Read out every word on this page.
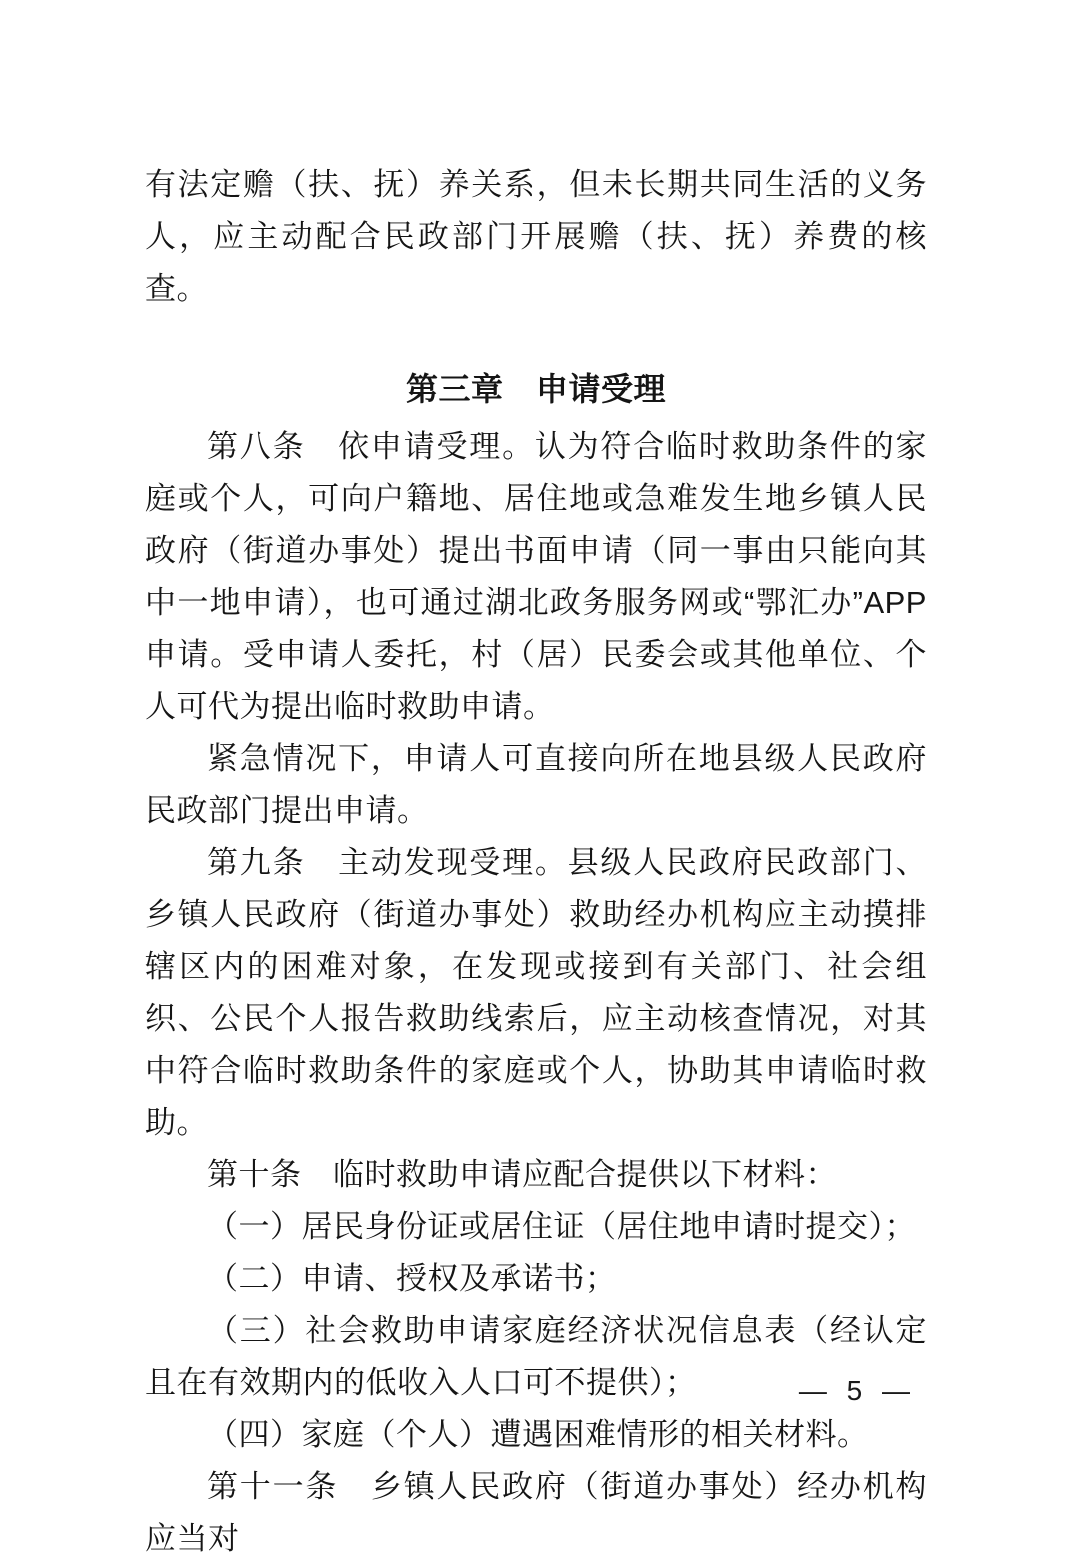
有法定赡（扶、抚）养关系，但未长期共同生活的义务人，应主动配合民政部门开展赡（扶、抚）养费的核查。

第三章　申请受理

第八条　依申请受理。认为符合临时救助条件的家庭或个人，可向户籍地、居住地或急难发生地乡镇人民政府（街道办事处）提出书面申请（同一事由只能向其中一地申请），也可通过湖北政务服务网或“鄂汇办”APP 申请。受申请人委托，村（居）民委会或其他单位、个人可代为提出临时救助申请。

紧急情况下，申请人可直接向所在地县级人民政府民政部门提出申请。

第九条　主动发现受理。县级人民政府民政部门、乡镇人民政府（街道办事处）救助经办机构应主动摸排辖区内的困难对象，在发现或接到有关部门、社会组织、公民个人报告救助线索后，应主动核查情况，对其中符合临时救助条件的家庭或个人，协助其申请临时救助。

第十条　临时救助申请应配合提供以下材料：

（一）居民身份证或居住证（居住地申请时提交）；

（二）申请、授权及承诺书；

（三）社会救助申请家庭经济状况信息表（经认定且在有效期内的低收入人口可不提供）；

（四）家庭（个人）遭遇困难情形的相关材料。

第十一条　乡镇人民政府（街道办事处）经办机构应当对

— 5 —
